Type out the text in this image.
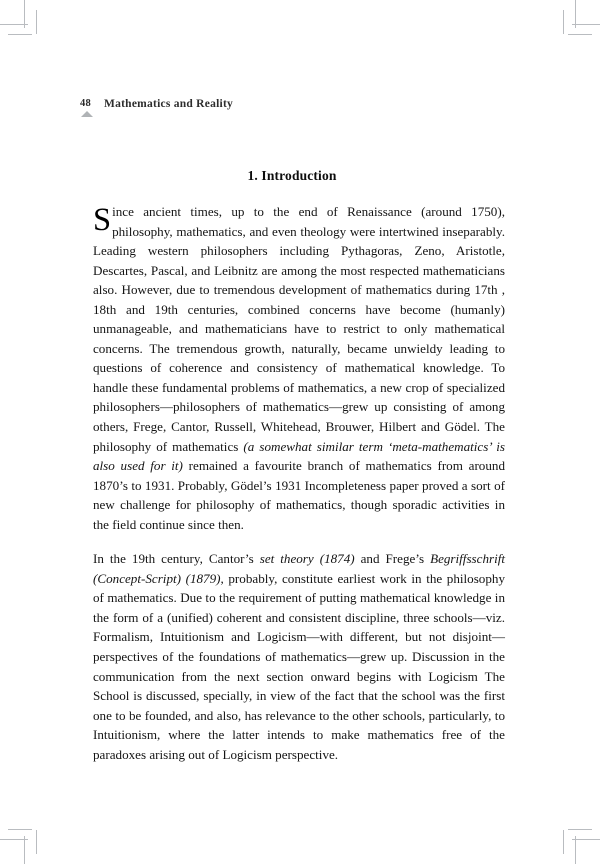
48 Mathematics and Reality
1. Introduction

Since ancient times, up to the end of Renaissance (around 1750), philosophy, mathematics, and even theology were intertwined inseparably. Leading western philosophers including Pythagoras, Zeno, Aristotle, Descartes, Pascal, and Leibnitz are among the most respected mathematicians also. However, due to tremendous development of mathematics during 17th , 18th and 19th centuries, combined concerns have become (humanly) unmanageable, and mathematicians have to restrict to only mathematical concerns. The tremendous growth, naturally, became unwieldy leading to questions of coherence and consistency of mathematical knowledge. To handle these fundamental problems of mathematics, a new crop of specialized philosophers—philosophers of mathematics—grew up consisting of among others, Frege, Cantor, Russell, Whitehead, Brouwer, Hilbert and Gödel. The philosophy of mathematics (a somewhat similar term ‘meta-mathematics’ is also used for it) remained a favourite branch of mathematics from around 1870’s to 1931. Probably, Gödel’s 1931 Incompleteness paper proved a sort of new challenge for philosophy of mathematics, though sporadic activities in the field continue since then.

In the 19th century, Cantor’s set theory (1874) and Frege’s Begriffsschrift (Concept-Script) (1879), probably, constitute earliest work in the philosophy of mathematics. Due to the requirement of putting mathematical knowledge in the form of a (unified) coherent and consistent discipline, three schools—viz. Formalism, Intuitionism and Logicism—with different, but not disjoint—perspectives of the foundations of mathematics—grew up. Discussion in the communication from the next section onward begins with Logicism The School is discussed, specially, in view of the fact that the school was the first one to be founded, and also, has relevance to the other schools, particularly, to Intuitionism, where the latter intends to make mathematics free of the paradoxes arising out of Logicism perspective.
